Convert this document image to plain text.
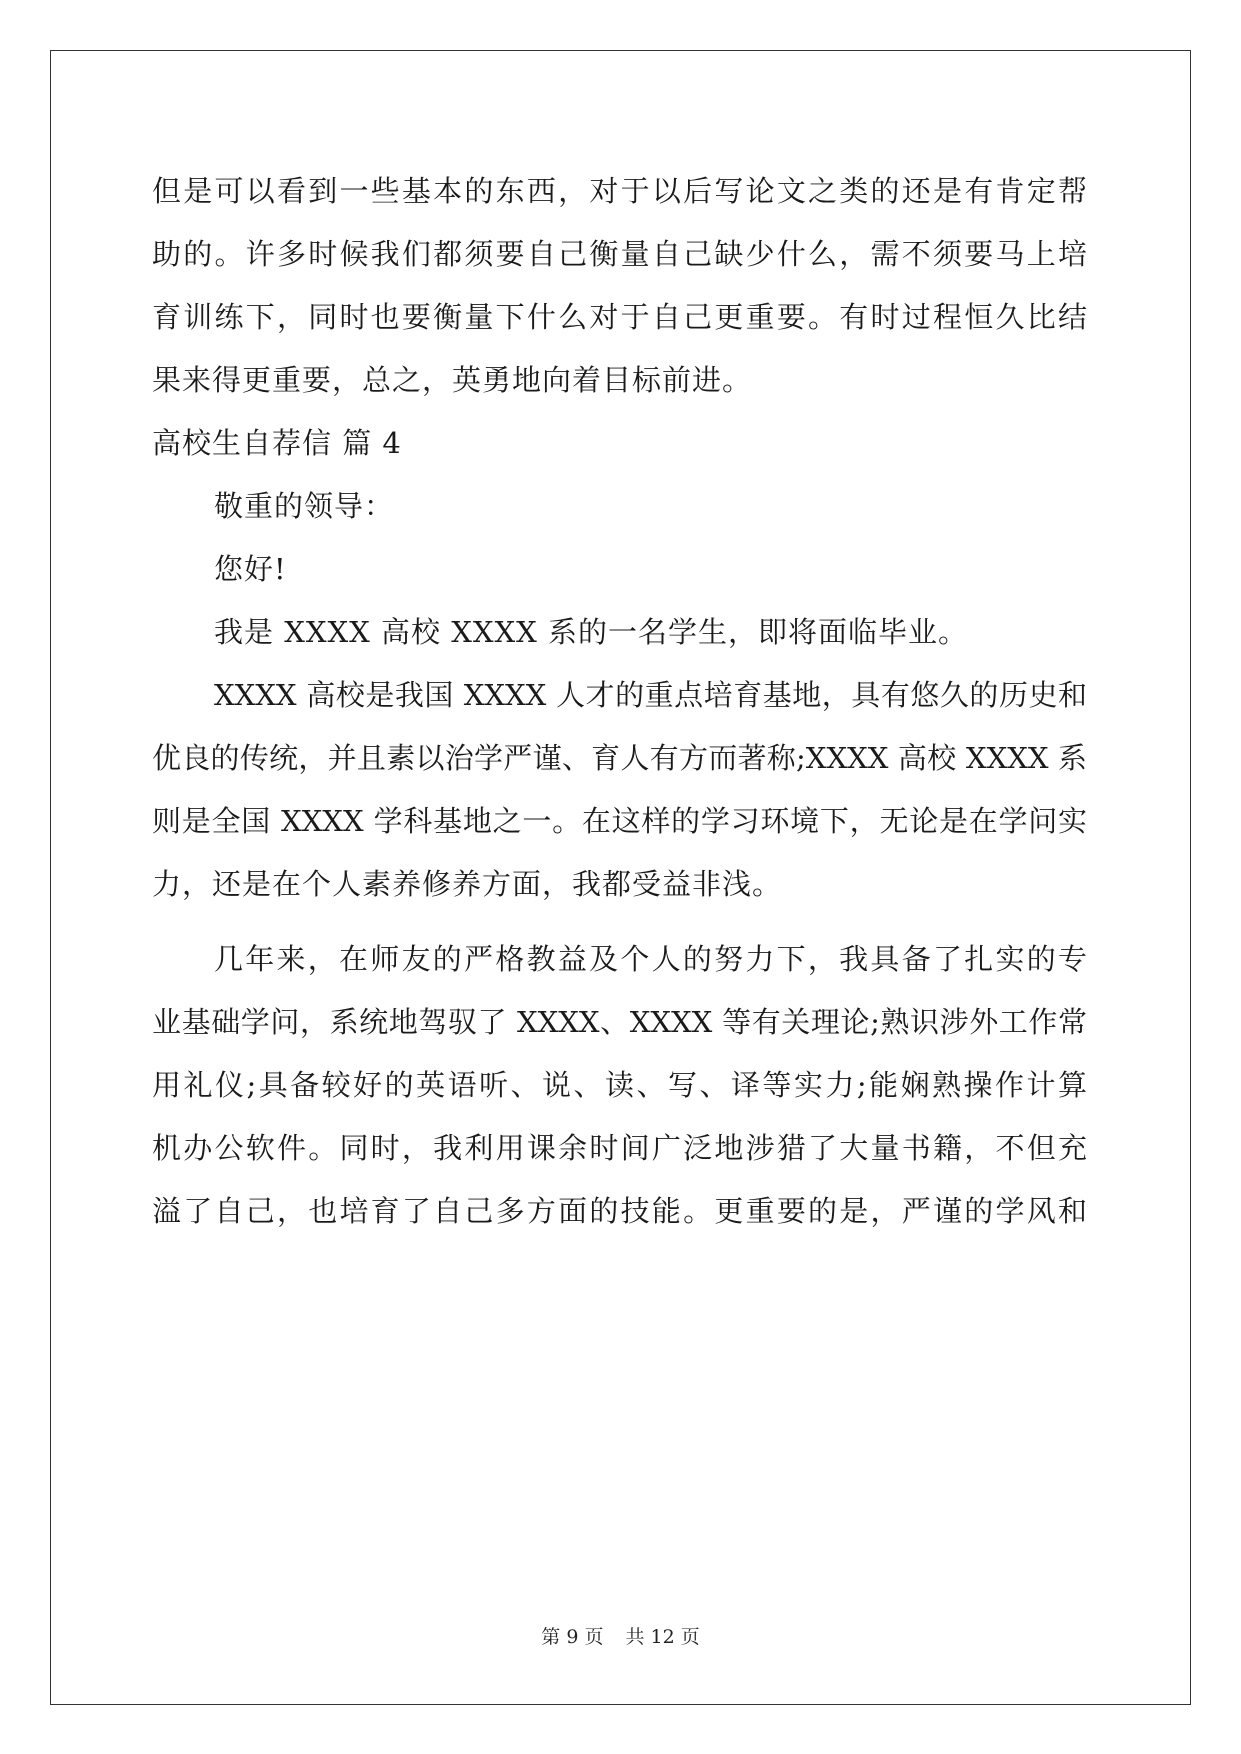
但是可以看到一些基本的东西，对于以后写论文之类的还是有肯定帮
助的。许多时候我们都须要自己衡量自己缺少什么，需不须要马上培
育训练下，同时也要衡量下什么对于自己更重要。有时过程恒久比结
果来得更重要，总之，英勇地向着目标前进。
高校生自荐信 篇 4
敬重的领导：
您好!
我是 XXXX 高校 XXXX 系的一名学生，即将面临毕业。
XXXX 高校是我国 XXXX 人才的重点培育基地，具有悠久的历史和
优良的传统，并且素以治学严谨、育人有方而著称;XXXX 高校 XXXX 系
则是全国 XXXX 学科基地之一。在这样的学习环境下，无论是在学问实
力，还是在个人素养修养方面，我都受益非浅。
几年来，在师友的严格教益及个人的努力下，我具备了扎实的专
业基础学问，系统地驾驭了 XXXX、XXXX 等有关理论;熟识涉外工作常
用礼仪;具备较好的英语听、说、读、写、译等实力;能娴熟操作计算
机办公软件。同时，我利用课余时间广泛地涉猎了大量书籍，不但充
溢了自己，也培育了自己多方面的技能。更重要的是，严谨的学风和
第 9 页 共 12 页
